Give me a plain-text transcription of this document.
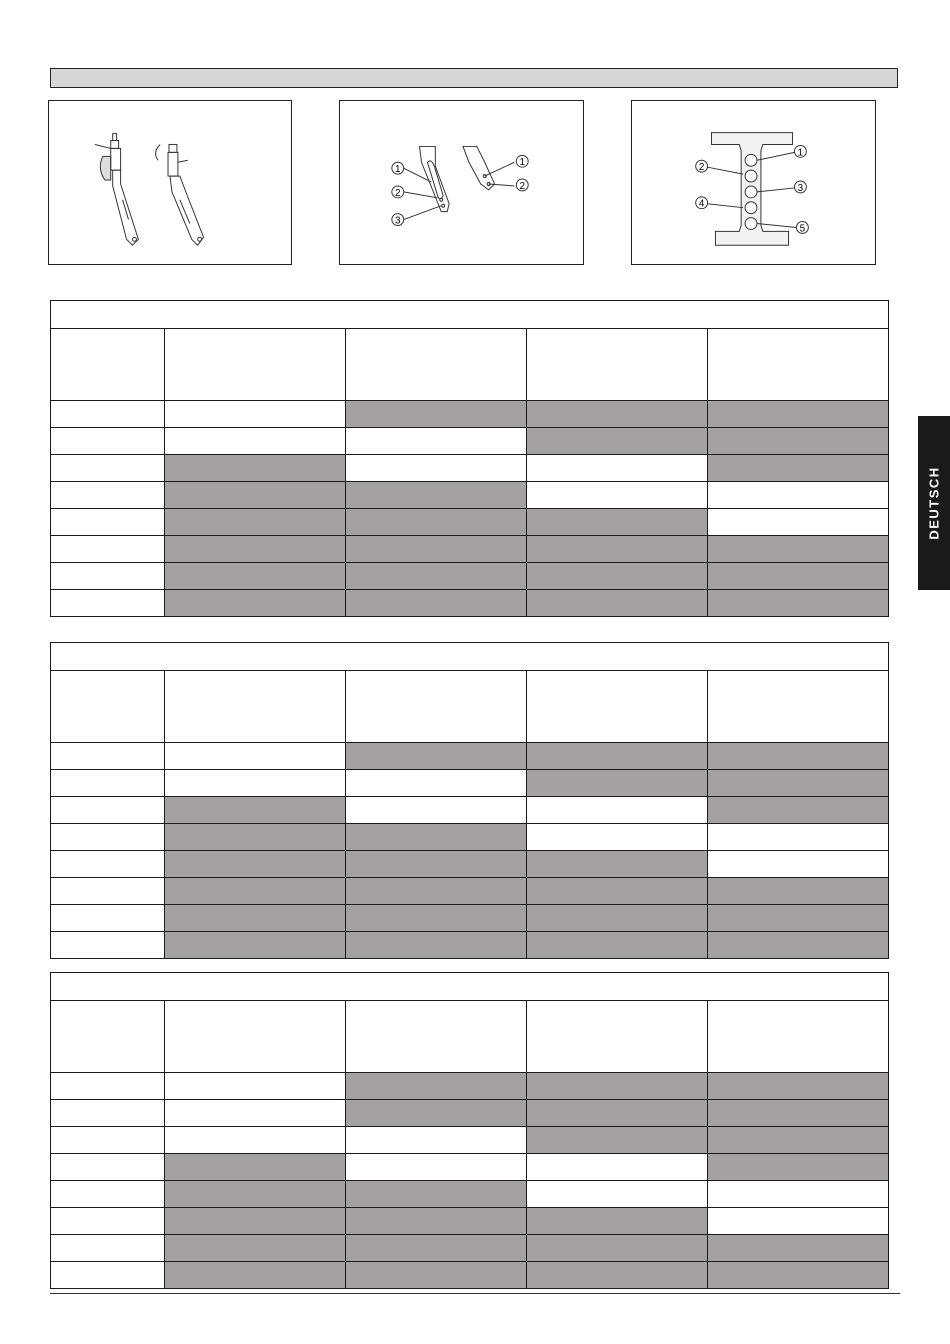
1
2
3
1
2
1
2
3
4
5
DEUTSCH
